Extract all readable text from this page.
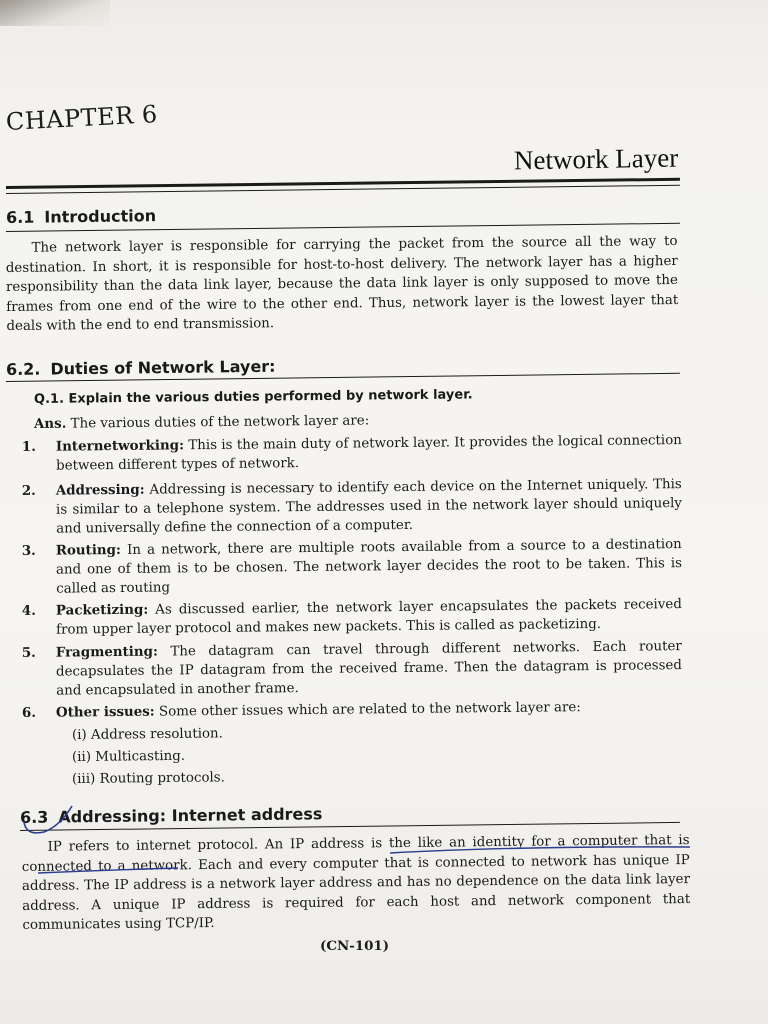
CHAPTER 6
Network Layer
6.1 Introduction
The network layer is responsible for carrying the packet from the source all the way to destination. In short, it is responsible for host-to-host delivery. The network layer has a higher responsibility than the data link layer, because the data link layer is only supposed to move the frames from one end of the wire to the other end. Thus, network layer is the lowest layer that deals with the end to end transmission.
6.2. Duties of Network Layer:
Q.1. Explain the various duties performed by network layer.
Ans. The various duties of the network layer are:
1.	Internetworking: This is the main duty of network layer. It provides the logical connection between different types of network.
2.	Addressing: Addressing is necessary to identify each device on the Internet uniquely. This is similar to a telephone system. The addresses used in the network layer should uniquely and universally define the connection of a computer.
3.	Routing: In a network, there are multiple roots available from a source to a destination and one of them is to be chosen. The network layer decides the root to be taken. This is called as routing
4.	Packetizing: As discussed earlier, the network layer encapsulates the packets received from upper layer protocol and makes new packets. This is called as packetizing.
5.	Fragmenting: The datagram can travel through different networks. Each router decapsulates the IP datagram from the received frame. Then the datagram is processed and encapsulated in another frame.
6.	Other issues: Some other issues which are related to the network layer are:
(i) Address resolution.
(ii) Multicasting.
(iii) Routing protocols.
6.3 Addressing: Internet address
IP refers to internet protocol. An IP address is the like an identity for a computer that is connected to a network. Each and every computer that is connected to network has unique IP address. The IP address is a network layer address and has no dependence on the data link layer address. A unique IP address is required for each host and network component that communicates using TCP/IP.
(CN-101)
